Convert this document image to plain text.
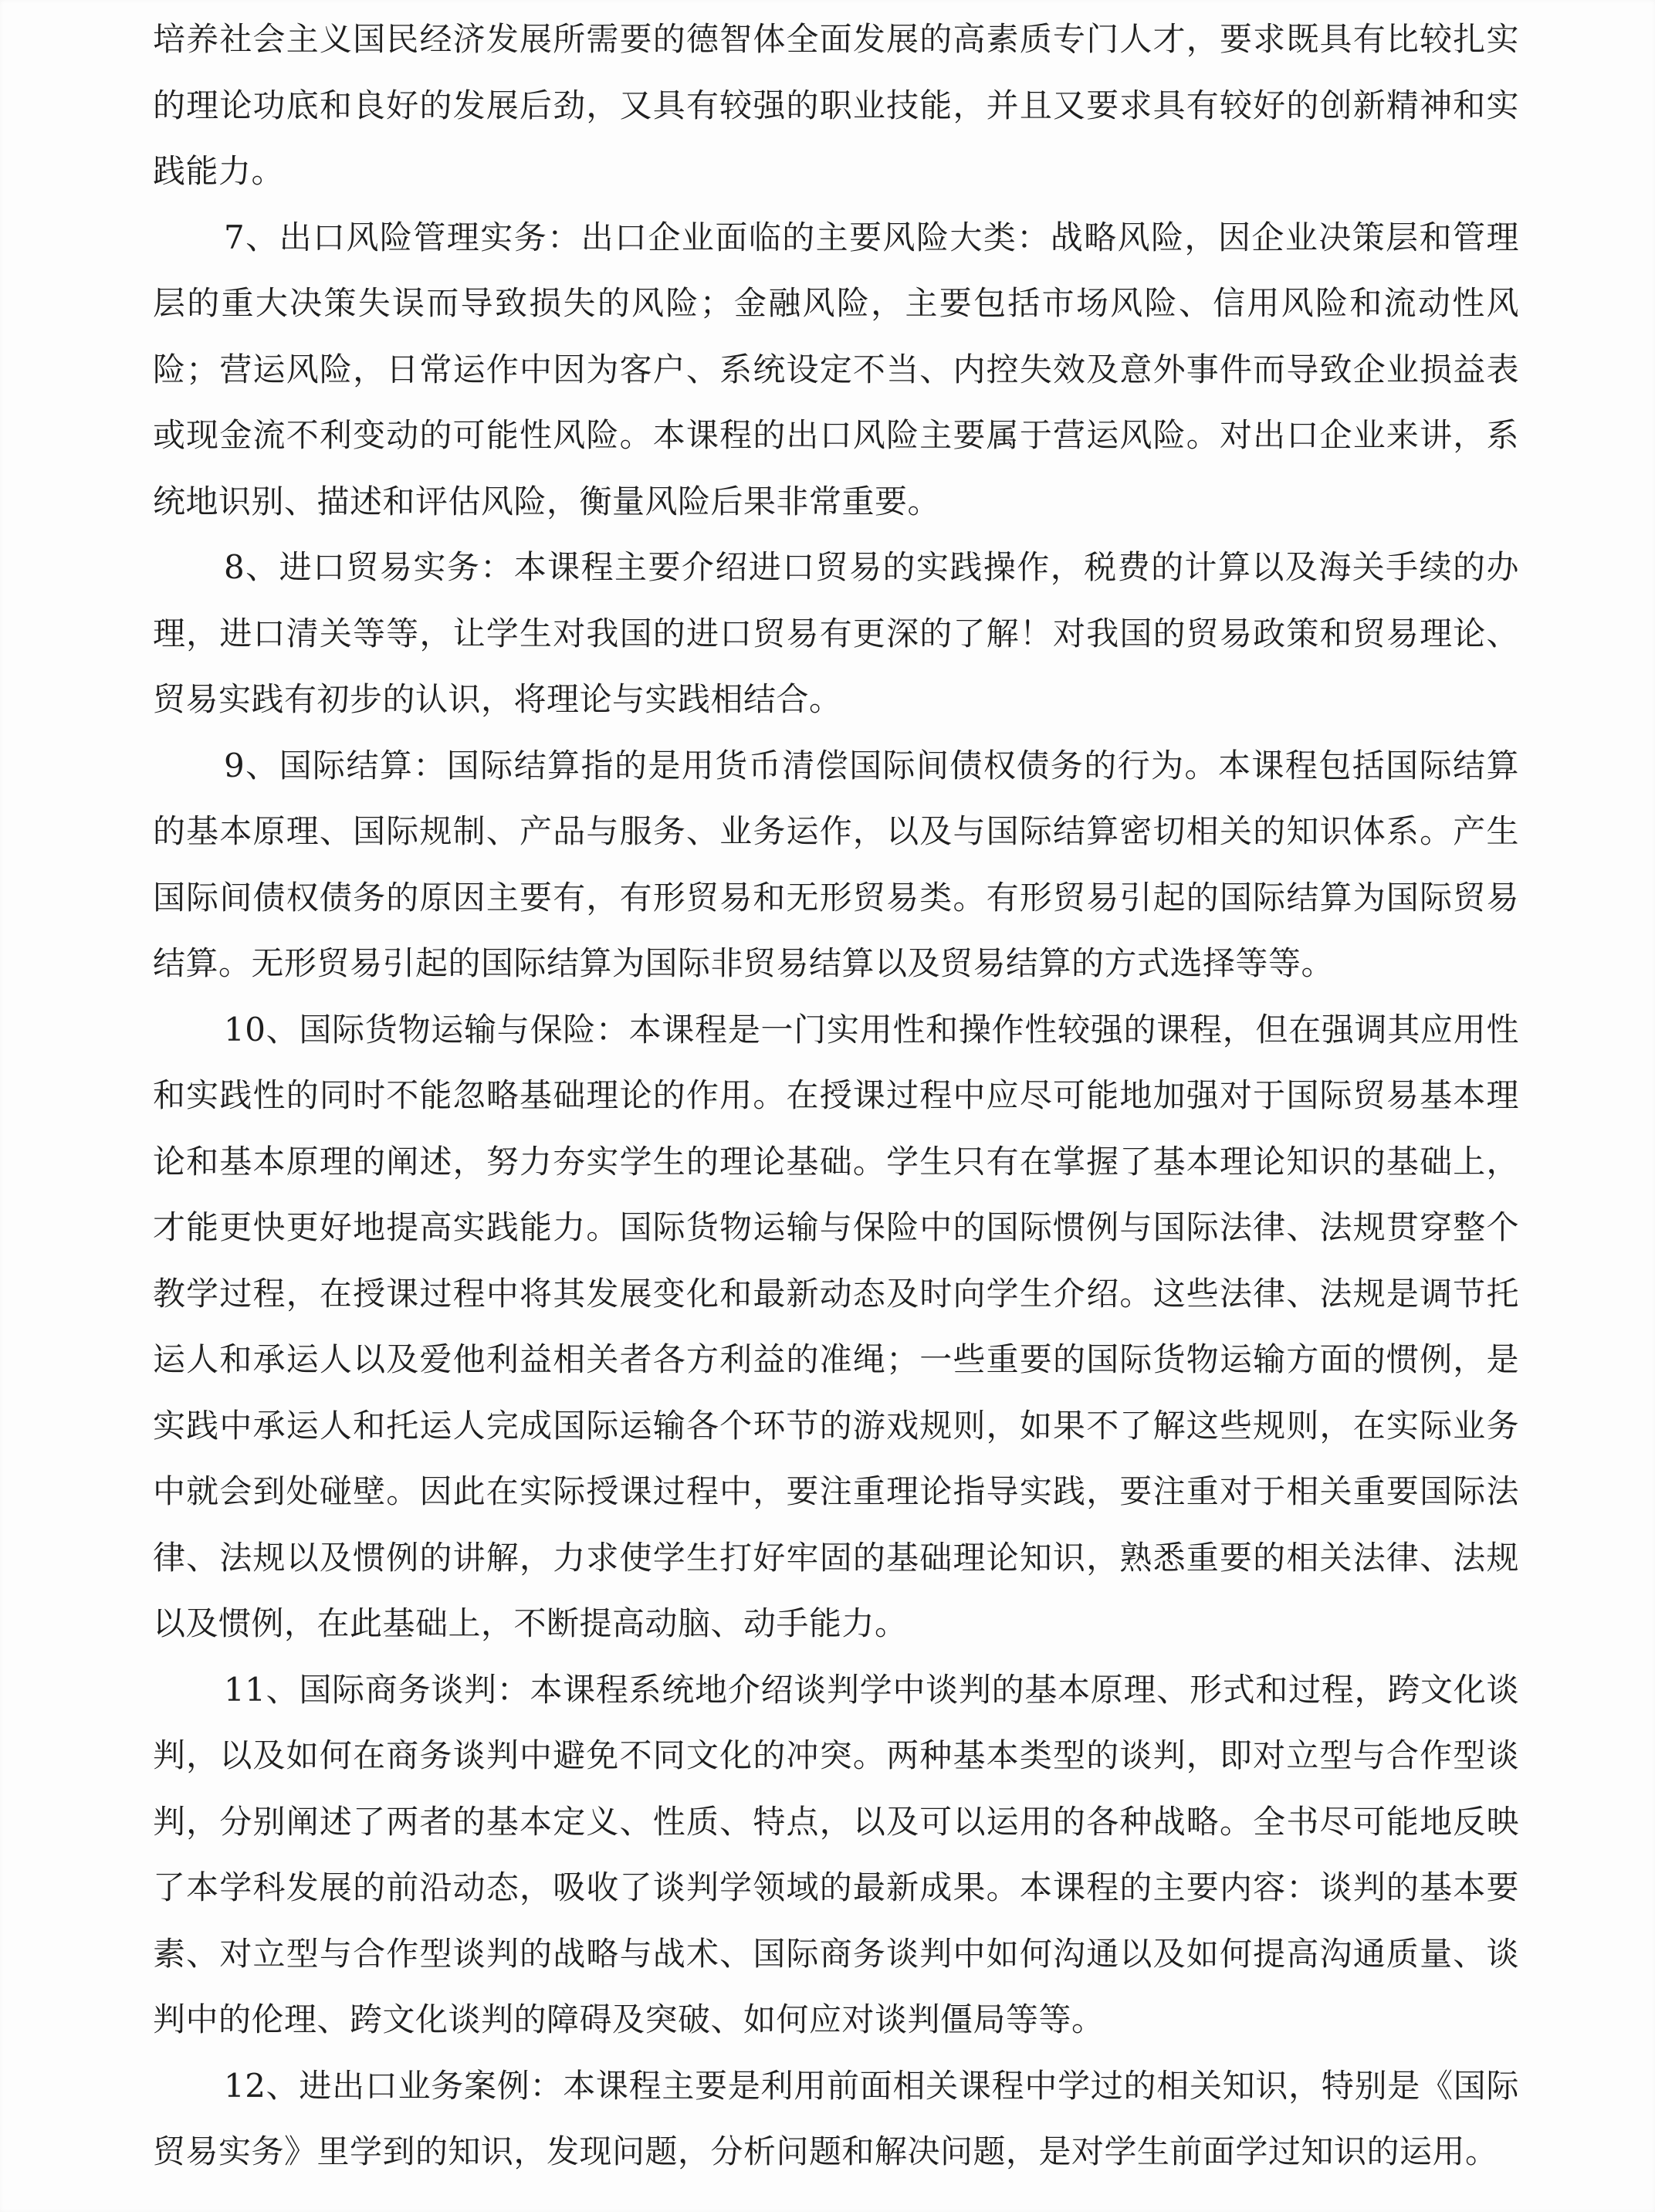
培养社会主义国民经济发展所需要的德智体全面发展的高素质专门人才，要求既具有比较扎实的理论功底和良好的发展后劲，又具有较强的职业技能，并且又要求具有较好的创新精神和实践能力。

7、出口风险管理实务：出口企业面临的主要风险大类：战略风险，因企业决策层和管理层的重大决策失误而导致损失的风险；金融风险，主要包括市场风险、信用风险和流动性风险；营运风险，日常运作中因为客户、系统设定不当、内控失效及意外事件而导致企业损益表或现金流不利变动的可能性风险。本课程的出口风险主要属于营运风险。对出口企业来讲，系统地识别、描述和评估风险，衡量风险后果非常重要。

8、进口贸易实务：本课程主要介绍进口贸易的实践操作，税费的计算以及海关手续的办理，进口清关等等，让学生对我国的进口贸易有更深的了解！对我国的贸易政策和贸易理论、贸易实践有初步的认识，将理论与实践相结合。

9、国际结算：国际结算指的是用货币清偿国际间债权债务的行为。本课程包括国际结算的基本原理、国际规制、产品与服务、业务运作，以及与国际结算密切相关的知识体系。产生国际间债权债务的原因主要有，有形贸易和无形贸易类。有形贸易引起的国际结算为国际贸易结算。无形贸易引起的国际结算为国际非贸易结算以及贸易结算的方式选择等等。

10、国际货物运输与保险：本课程是一门实用性和操作性较强的课程，但在强调其应用性和实践性的同时不能忽略基础理论的作用。在授课过程中应尽可能地加强对于国际贸易基本理论和基本原理的阐述，努力夯实学生的理论基础。学生只有在掌握了基本理论知识的基础上，才能更快更好地提高实践能力。国际货物运输与保险中的国际惯例与国际法律、法规贯穿整个教学过程，在授课过程中将其发展变化和最新动态及时向学生介绍。这些法律、法规是调节托运人和承运人以及爱他利益相关者各方利益的准绳；一些重要的国际货物运输方面的惯例，是实践中承运人和托运人完成国际运输各个环节的游戏规则，如果不了解这些规则，在实际业务中就会到处碰壁。因此在实际授课过程中，要注重理论指导实践，要注重对于相关重要国际法律、法规以及惯例的讲解，力求使学生打好牢固的基础理论知识，熟悉重要的相关法律、法规以及惯例，在此基础上，不断提高动脑、动手能力。

11、国际商务谈判：本课程系统地介绍谈判学中谈判的基本原理、形式和过程，跨文化谈判，以及如何在商务谈判中避免不同文化的冲突。两种基本类型的谈判，即对立型与合作型谈判，分别阐述了两者的基本定义、性质、特点，以及可以运用的各种战略。全书尽可能地反映了本学科发展的前沿动态，吸收了谈判学领域的最新成果。本课程的主要内容：谈判的基本要素、对立型与合作型谈判的战略与战术、国际商务谈判中如何沟通以及如何提高沟通质量、谈判中的伦理、跨文化谈判的障碍及突破、如何应对谈判僵局等等。

12、进出口业务案例：本课程主要是利用前面相关课程中学过的相关知识，特别是《国际贸易实务》里学到的知识，发现问题，分析问题和解决问题，是对学生前面学过知识的运用。
